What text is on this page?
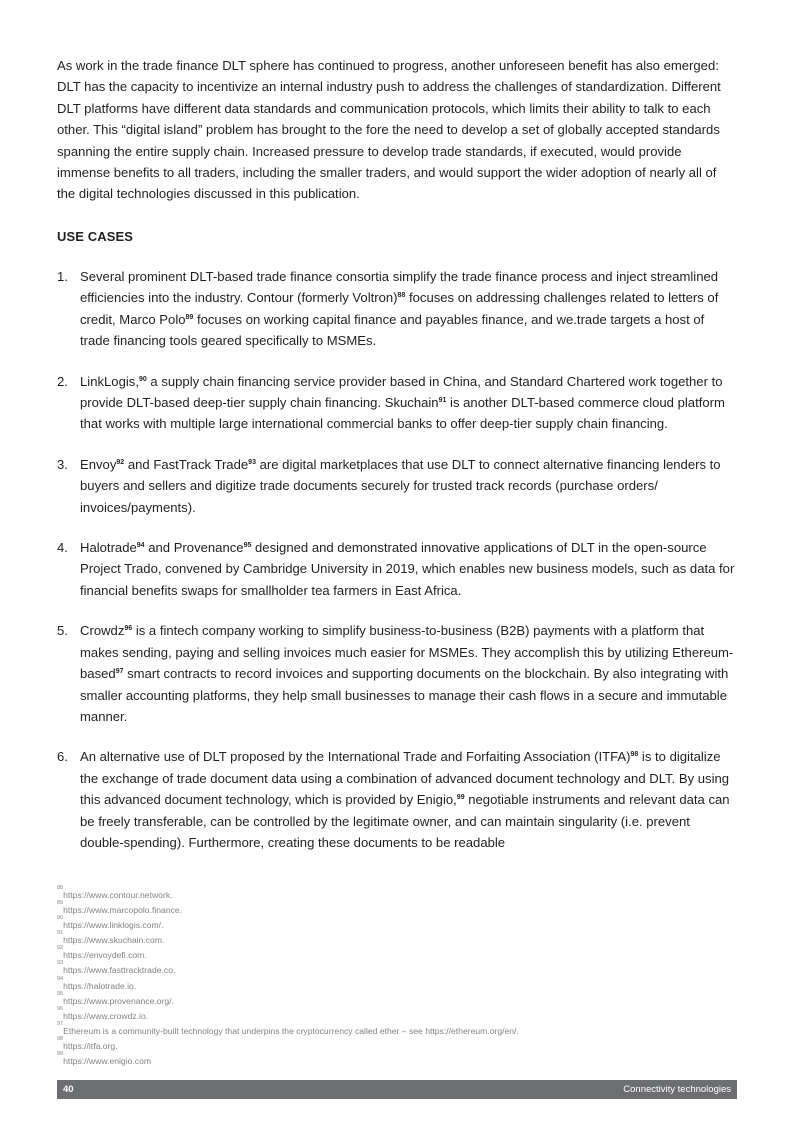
As work in the trade finance DLT sphere has continued to progress, another unforeseen benefit has also emerged: DLT has the capacity to incentivize an internal industry push to address the challenges of standardization. Different DLT platforms have different data standards and communication protocols, which limits their ability to talk to each other. This “digital island” problem has brought to the fore the need to develop a set of globally accepted standards spanning the entire supply chain. Increased pressure to develop trade standards, if executed, would provide immense benefits to all traders, including the smaller traders, and would support the wider adoption of nearly all of the digital technologies discussed in this publication.

USE CASES
1. Several prominent DLT-based trade finance consortia simplify the trade finance process and inject streamlined efficiencies into the industry. Contour (formerly Voltron)$^{88}$ focuses on addressing challenges related to letters of credit, Marco Polo$^{89}$ focuses on working capital finance and payables finance, and we.trade targets a host of trade financing tools geared specifically to MSMEs.
2. LinkLogis,$^{90}$ a supply chain financing service provider based in China, and Standard Chartered work together to provide DLT-based deep-tier supply chain financing. Skuchain$^{91}$ is another DLT-based commerce cloud platform that works with multiple large international commercial banks to offer deep-tier supply chain financing.
3. Envoy$^{92}$ and FastTrack Trade$^{93}$ are digital marketplaces that use DLT to connect alternative financing lenders to buyers and sellers and digitize trade documents securely for trusted track records (purchase orders/ invoices/payments).
4. Halotrade$^{94}$ and Provenance$^{95}$ designed and demonstrated innovative applications of DLT in the open-source Project Trado, convened by Cambridge University in 2019, which enables new business models, such as data for financial benefits swaps for smallholder tea farmers in East Africa.
5. Crowdz$^{96}$ is a fintech company working to simplify business-to-business (B2B) payments with a platform that makes sending, paying and selling invoices much easier for MSMEs. They accomplish this by utilizing Ethereum-based$^{97}$ smart contracts to record invoices and supporting documents on the blockchain. By also integrating with smaller accounting platforms, they help small businesses to manage their cash flows in a secure and immutable manner.
6. An alternative use of DLT proposed by the International Trade and Forfaiting Association (ITFA)$^{98}$ is to digitalize the exchange of trade document data using a combination of advanced document technology and DLT. By using this advanced document technology, which is provided by Enigio,$^{99}$ negotiable instruments and relevant data can be freely transferable, can be controlled by the legitimate owner, and can maintain singularity (i.e. prevent double-spending). Furthermore, creating these documents to be readable
88
https://www.contour.network.
89
https://www.marcopolo.finance.
90
https://www.linklogis.com/.
91
https://www.skuchain.com.
92
https://envoydefi.com.
93
https://www.fasttracktrade.co.
94
https://halotrade.io.
95
https://www.provenance.org/.
96
https://www.crowdz.io.
97
Ethereum is a community-built technology that underpins the cryptocurrency called ether – see https://ethereum.org/en/.
98
https://itfa.org.
99
https://www.enigio.com
40	Connectivity technologies
